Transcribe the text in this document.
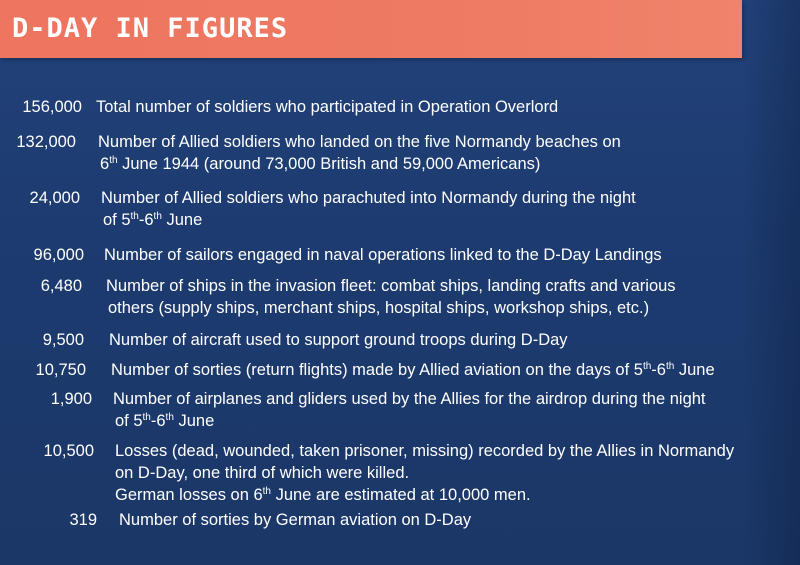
D-DAY IN FIGURES
156,000 Total number of soldiers who participated in Operation Overlord
132,000 Number of Allied soldiers who landed on the five Normandy beaches on
6th June 1944 (around 73,000 British and 59,000 Americans)
24,000 Number of Allied soldiers who parachuted into Normandy during the night
of 5th-6th June
96,000 Number of sailors engaged in naval operations linked to the D-Day Landings
6,480 Number of ships in the invasion fleet: combat ships, landing crafts and various
others (supply ships, merchant ships, hospital ships, workshop ships, etc.)
9,500 Number of aircraft used to support ground troops during D-Day
10,750 Number of sorties (return flights) made by Allied aviation on the days of 5th-6th June
1,900 Number of airplanes and gliders used by the Allies for the airdrop during the night
of 5th-6th June
10,500 Losses (dead, wounded, taken prisoner, missing) recorded by the Allies in Normandy
on D-Day, one third of which were killed.
German losses on 6th June are estimated at 10,000 men.
319 Number of sorties by German aviation on D-Day
